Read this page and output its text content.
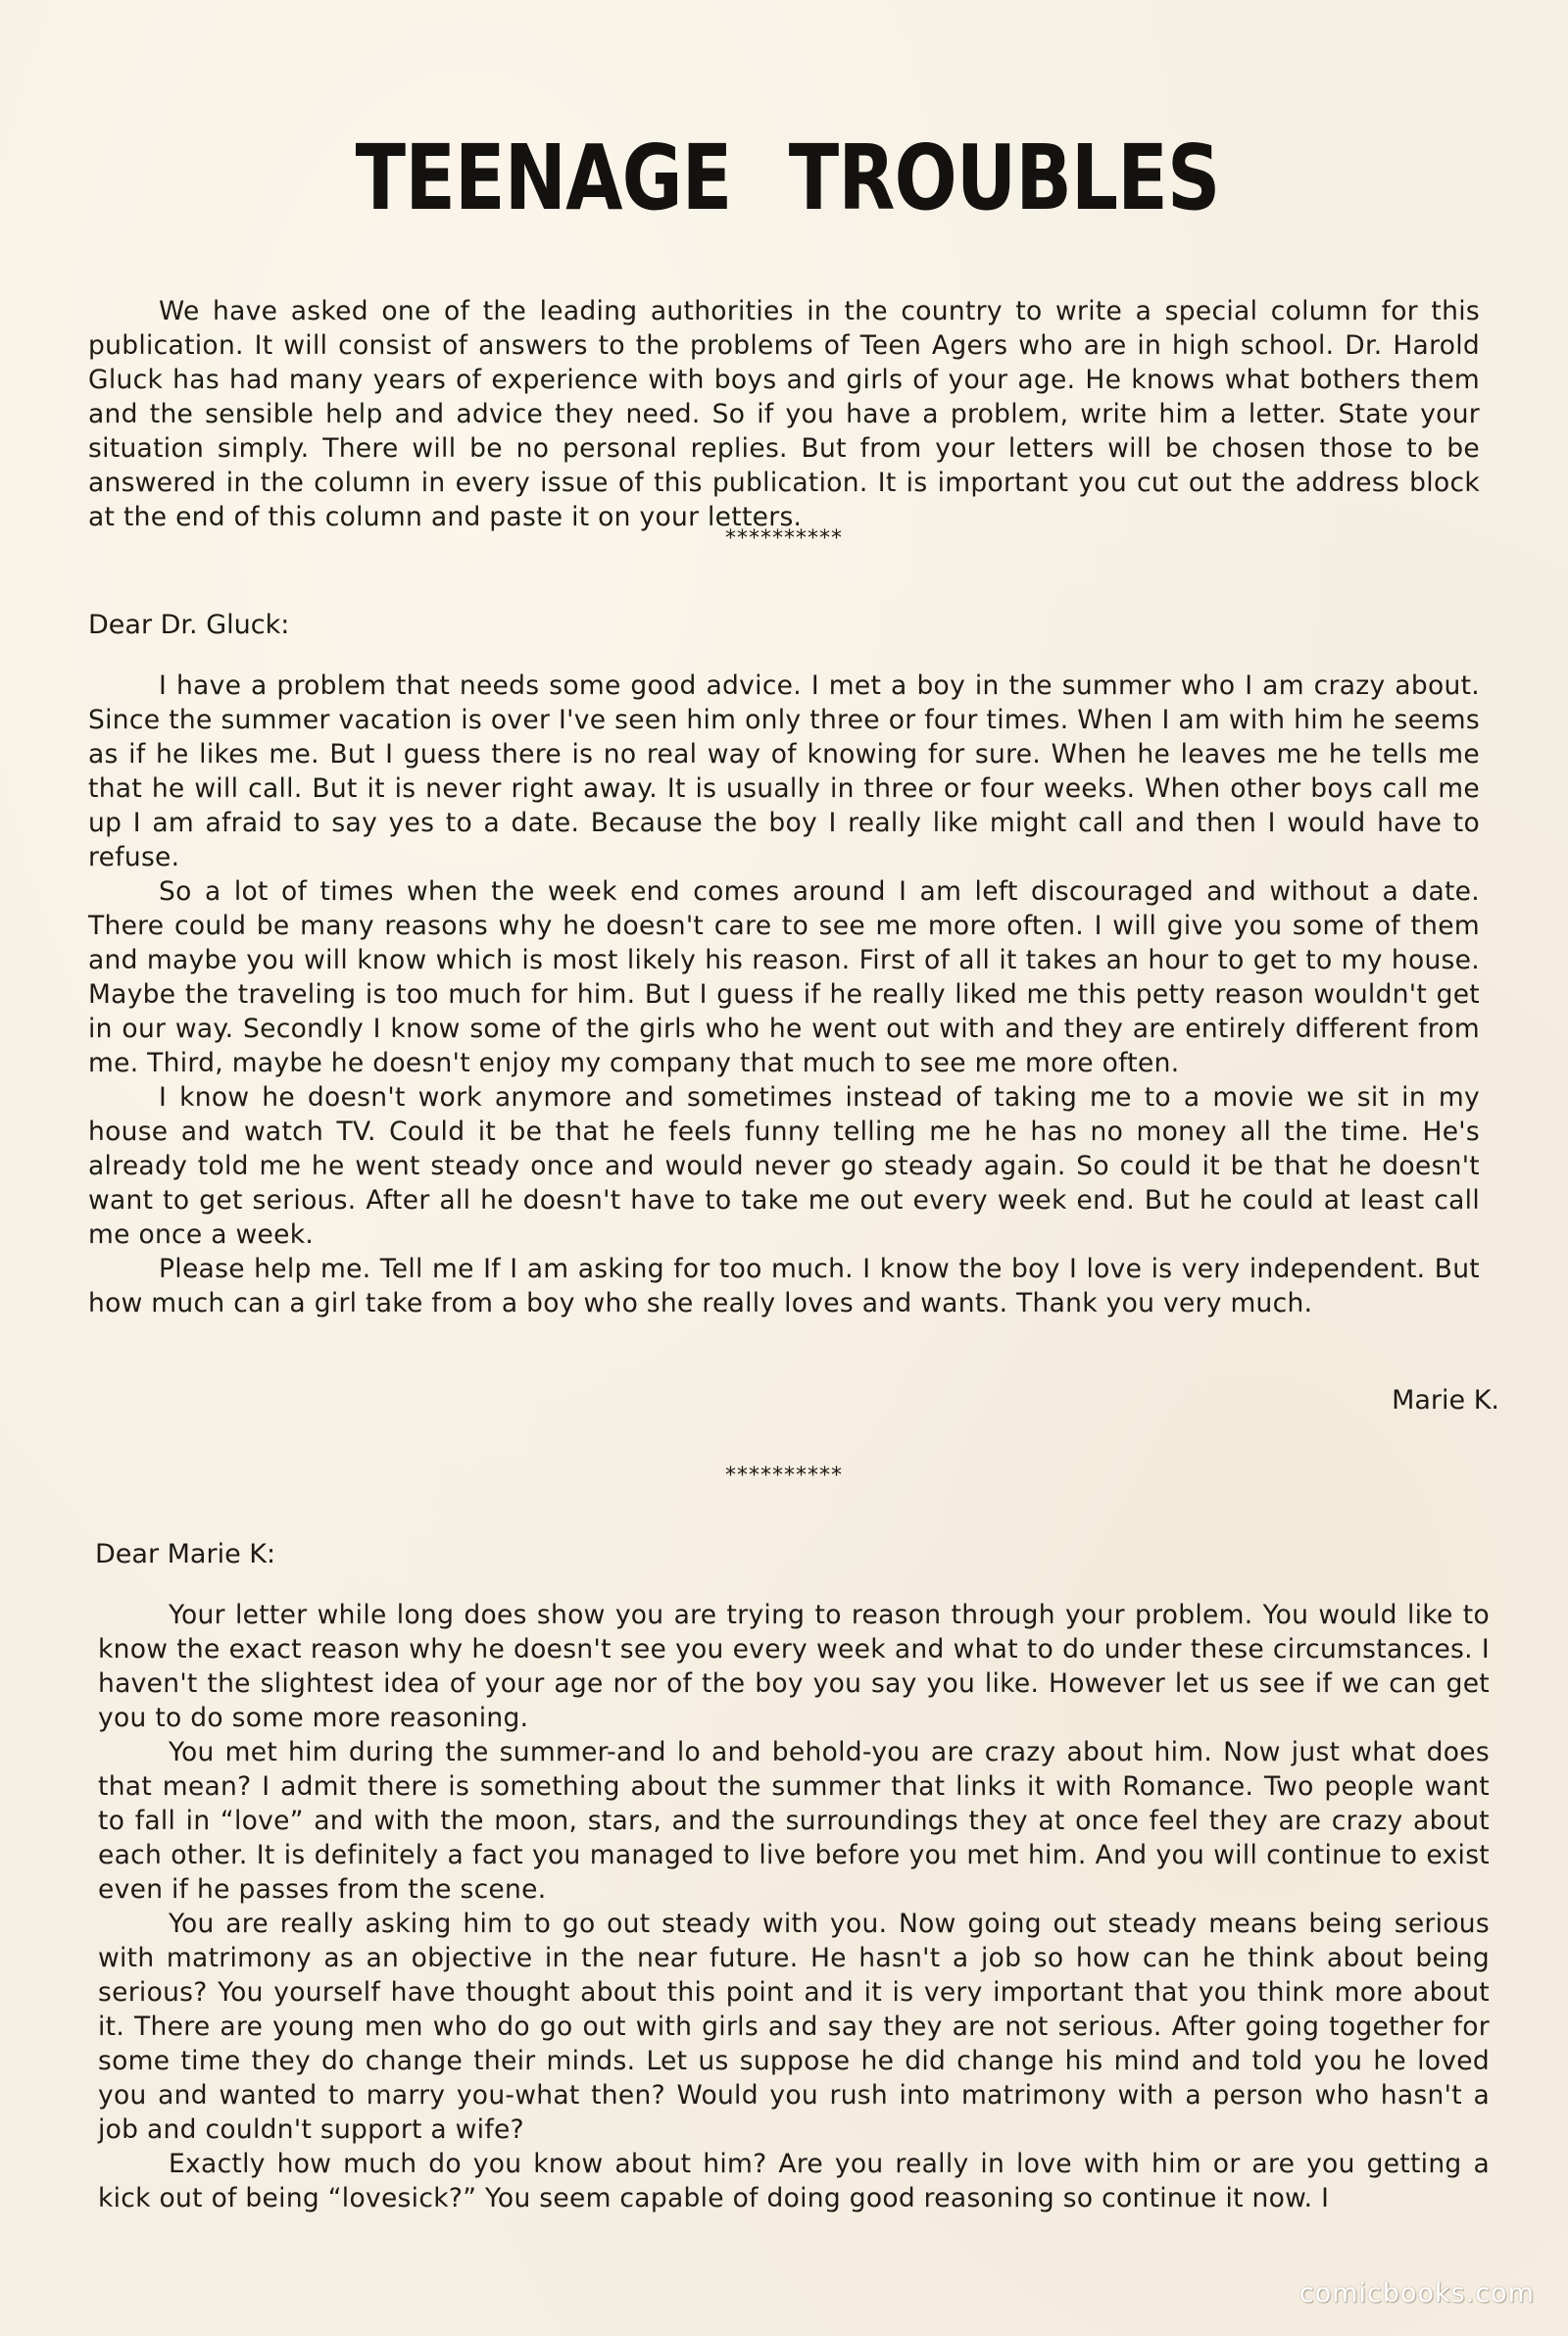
TEENAGE TROUBLES

We have asked one of the leading authorities in the country to write a special column for this publication. It will consist of answers to the problems of Teen Agers who are in high school. Dr. Harold Gluck has had many years of experience with boys and girls of your age. He knows what bothers them and the sensible help and advice they need. So if you have a problem, write him a letter. State your situation simply. There will be no personal replies. But from your letters will be chosen those to be answered in the column in every issue of this publication. It is important you cut out the address block at the end of this column and paste it on your letters.

**********
Dear Dr. Gluck:

I have a problem that needs some good advice. I met a boy in the summer who I am crazy about. Since the summer vacation is over I've seen him only three or four times. When I am with him he seems as if he likes me. But I guess there is no real way of knowing for sure. When he leaves me he tells me that he will call. But it is never right away. It is usually in three or four weeks. When other boys call me up I am afraid to say yes to a date. Because the boy I really like might call and then I would have to refuse.

So a lot of times when the week end comes around I am left discouraged and without a date. There could be many reasons why he doesn't care to see me more often. I will give you some of them and maybe you will know which is most likely his reason. First of all it takes an hour to get to my house. Maybe the traveling is too much for him. But I guess if he really liked me this petty reason wouldn't get in our way. Secondly I know some of the girls who he went out with and they are entirely different from me. Third, maybe he doesn't enjoy my company that much to see me more often.

I know he doesn't work anymore and sometimes instead of taking me to a movie we sit in my house and watch TV. Could it be that he feels funny telling me he has no money all the time. He's already told me he went steady once and would never go steady again. So could it be that he doesn't want to get serious. After all he doesn't have to take me out every week end. But he could at least call me once a week.

Please help me. Tell me If I am asking for too much. I know the boy I love is very independent. But how much can a girl take from a boy who she really loves and wants. Thank you very much.

Marie K.
**********
Dear Marie K:

Your letter while long does show you are trying to reason through your problem. You would like to know the exact reason why he doesn't see you every week and what to do under these circumstances. I haven't the slightest idea of your age nor of the boy you say you like. However let us see if we can get you to do some more reasoning.

You met him during the summer-and lo and behold-you are crazy about him. Now just what does that mean? I admit there is something about the summer that links it with Romance. Two people want to fall in “love” and with the moon, stars, and the surroundings they at once feel they are crazy about each other. It is definitely a fact you managed to live before you met him. And you will continue to exist even if he passes from the scene.

You are really asking him to go out steady with you. Now going out steady means being serious with matrimony as an objective in the near future. He hasn't a job so how can he think about being serious? You yourself have thought about this point and it is very important that you think more about it. There are young men who do go out with girls and say they are not serious. After going together for some time they do change their minds. Let us suppose he did change his mind and told you he loved you and wanted to marry you-what then? Would you rush into matrimony with a person who hasn't a job and couldn't support a wife?

Exactly how much do you know about him? Are you really in love with him or are you getting a kick out of being “lovesick?” You seem capable of doing good reasoning so continue it now. I

comicbooks.com
